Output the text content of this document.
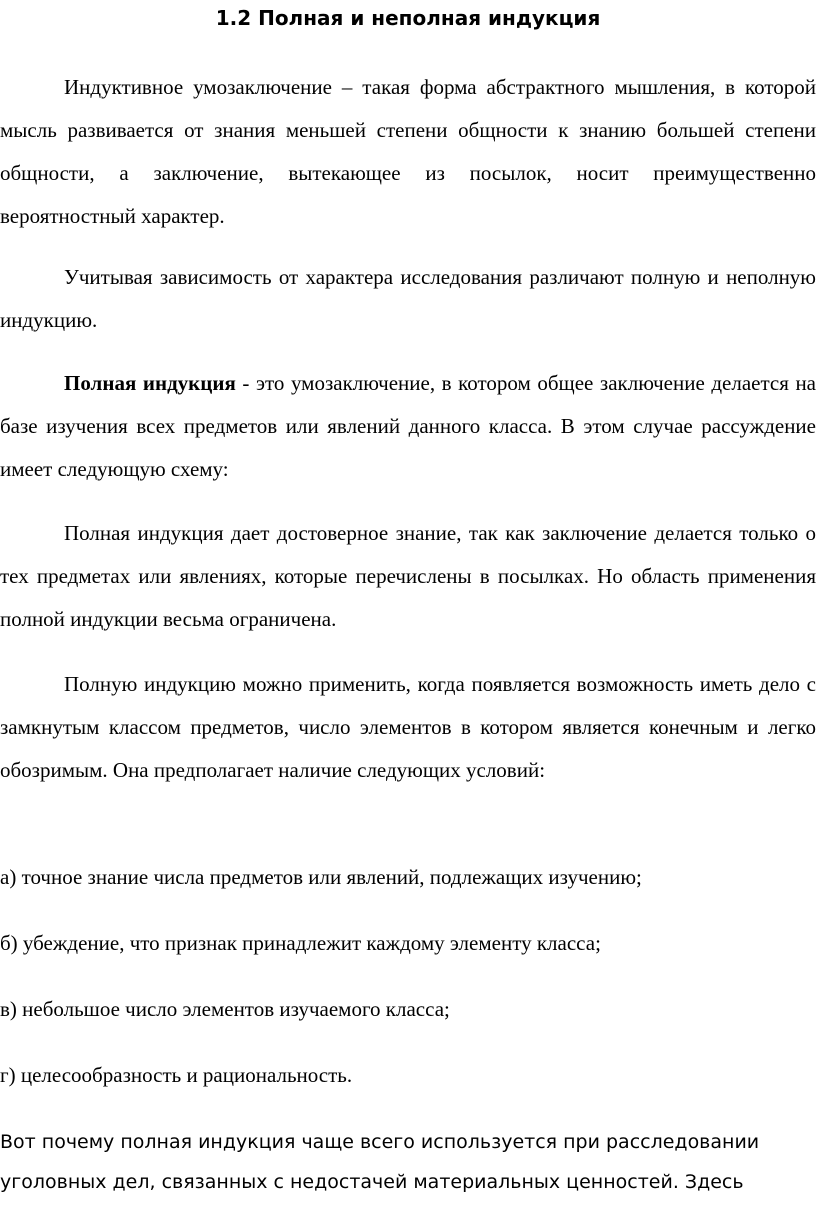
1.2 Полная и неполная индукция

Индуктивное умозаключение – такая форма абстрактного мышления, в которой мысль развивается от знания меньшей степени общности к знанию большей степени общности, а заключение, вытекающее из посылок, носит преимущественно вероятностный характер.

Учитывая зависимость от характера исследования различают полную и неполную индукцию.

Полная индукция - это умозаключение, в котором общее заключение делается на базе изучения всех предметов или явлений данного класса. В этом случае рассуждение имеет следующую схему:

Полная индукция дает достоверное знание, так как заключение делается только о тех предметах или явлениях, которые перечислены в посылках. Но область применения полной индукции весьма ограничена.

Полную индукцию можно применить, когда появляется возможность иметь дело с замкнутым классом предметов, число элементов в котором является конечным и легко обозримым. Она предполагает наличие следующих условий:

а) точное знание числа предметов или явлений, подлежащих изучению;

б) убеждение, что признак принадлежит каждому элементу класса;

в) небольшое число элементов изучаемого класса;

г) целесообразность и рациональность.

Вот почему полная индукция чаще всего используется при расследовании уголовных дел, связанных с недостачей материальных ценностей. Здесь
